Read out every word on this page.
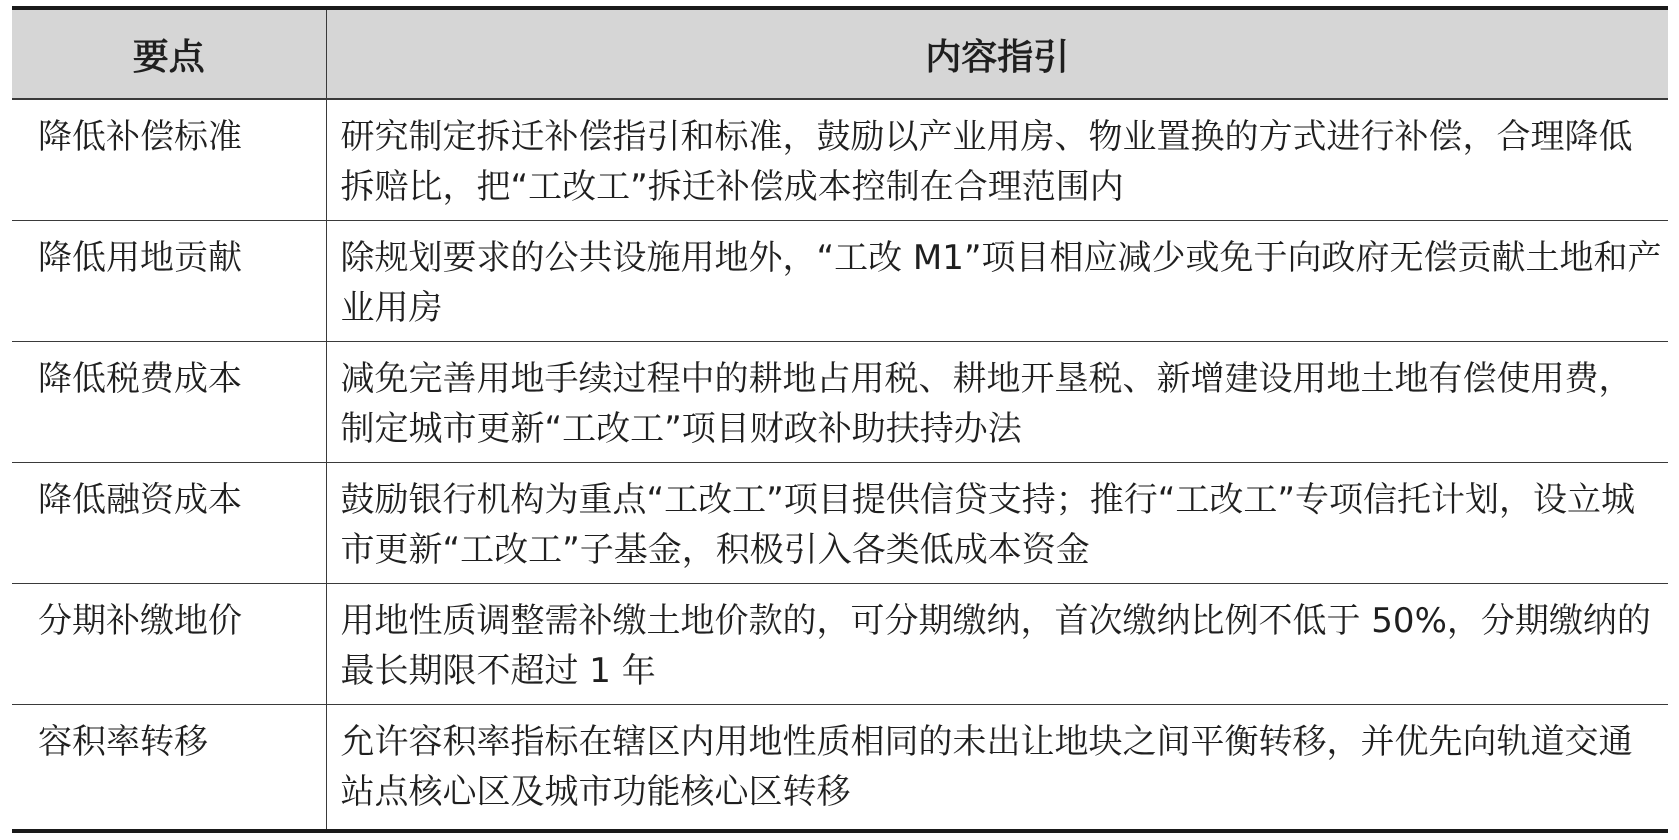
要点	内容指引
降低补偿标准	研究制定拆迁补偿指引和标准，鼓励以产业用房、物业置换的方式进行补偿，合理降低拆赔比，把“工改工”拆迁补偿成本控制在合理范围内
降低用地贡献	除规划要求的公共设施用地外，“工改 M1”项目相应减少或免于向政府无偿贡献土地和产业用房
降低税费成本	减免完善用地手续过程中的耕地占用税、耕地开垦税、新增建设用地土地有偿使用费，制定城市更新“工改工”项目财政补助扶持办法
降低融资成本	鼓励银行机构为重点“工改工”项目提供信贷支持；推行“工改工”专项信托计划，设立城市更新“工改工”子基金，积极引入各类低成本资金
分期补缴地价	用地性质调整需补缴土地价款的，可分期缴纳，首次缴纳比例不低于 50%，分期缴纳的最长期限不超过 1 年
容积率转移	允许容积率指标在辖区内用地性质相同的未出让地块之间平衡转移，并优先向轨道交通站点核心区及城市功能核心区转移
